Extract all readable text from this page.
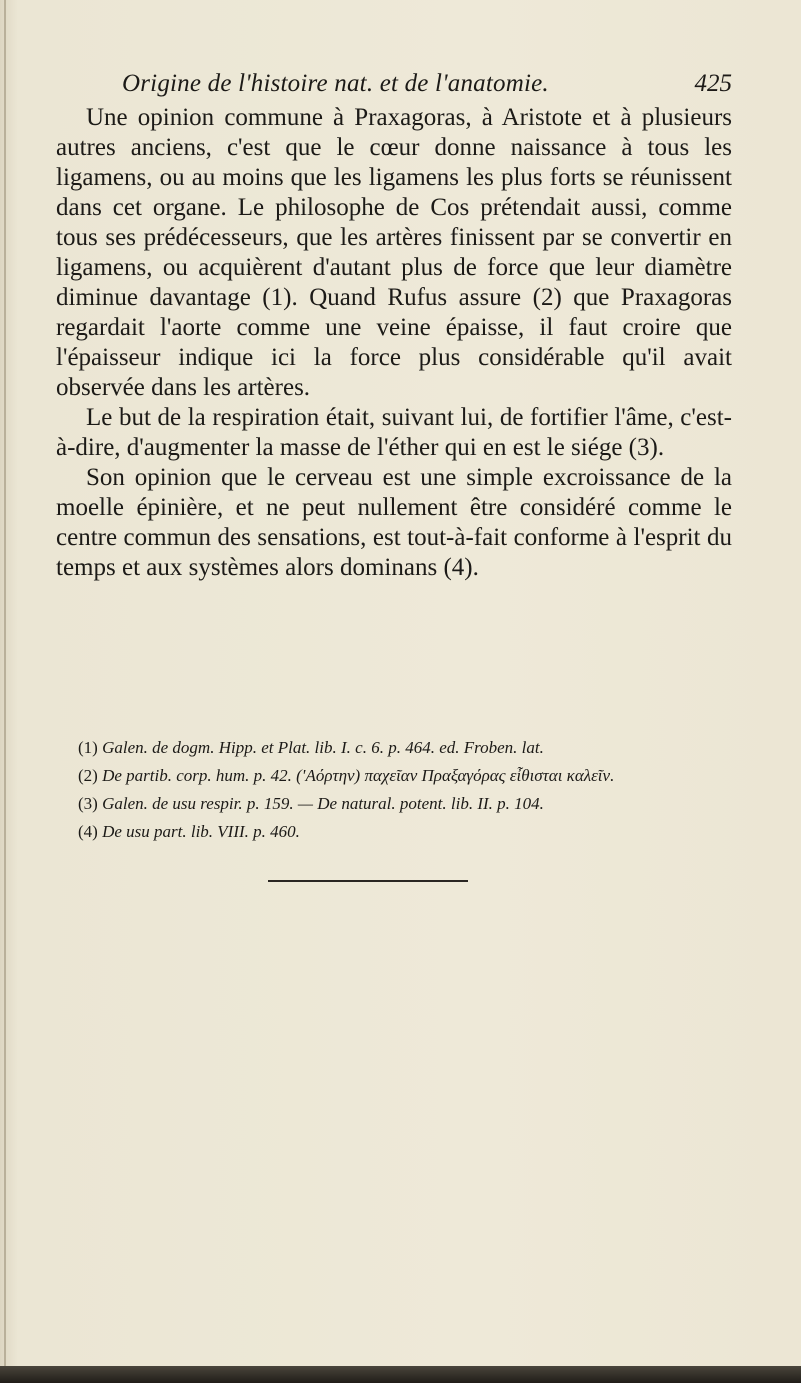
Origine de l'histoire nat. et de l'anatomie.	425

Une opinion commune à Praxagoras, à Aristote et à plusieurs autres anciens, c'est que le cœur donne naissance à tous les ligamens, ou au moins que les ligamens les plus forts se réunissent dans cet organe. Le philosophe de Cos prétendait aussi, comme tous ses prédécesseurs, que les artères finissent par se convertir en ligamens, ou acquièrent d'autant plus de force que leur diamètre diminue davantage (1). Quand Rufus assure (2) que Praxagoras regardait l'aorte comme une veine épaisse, il faut croire que l'épaisseur indique ici la force plus considérable qu'il avait observée dans les artères.

Le but de la respiration était, suivant lui, de fortifier l'âme, c'est-à-dire, d'augmenter la masse de l'éther qui en est le siége (3).

Son opinion que le cerveau est une simple excroissance de la moelle épinière, et ne peut nullement être considéré comme le centre commun des sensations, est tout-à-fait conforme à l'esprit du temps et aux systèmes alors dominans (4).

(1) Galen. de dogm. Hipp. et Plat. lib. I. c. 6. p. 464. ed. Froben. lat.

(2) De partib. corp. hum. p. 42. ('Αόρτην) παχεῖαν Πραξαγόρας εἶθισται καλεῖν.

(3) Galen. de usu respir. p. 159. — De natural. potent. lib. II. p. 104.

(4) De usu part. lib. VIII. p. 460.
